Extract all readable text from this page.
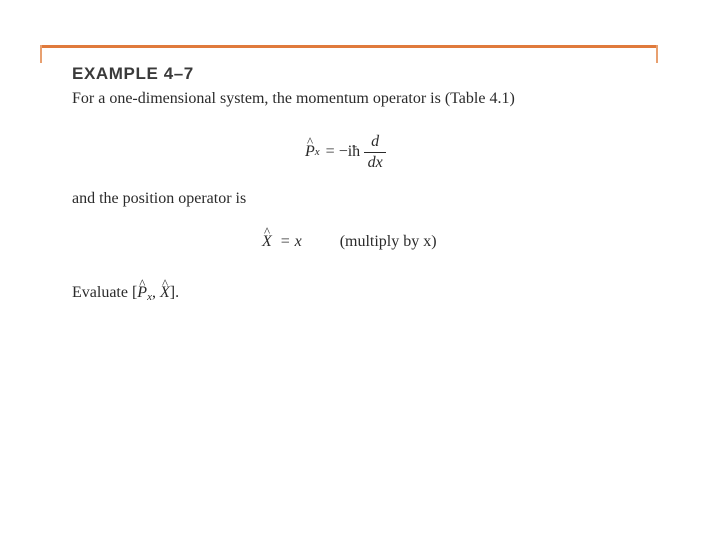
EXAMPLE 4–7
For a one-dimensional system, the momentum operator is (Table 4.1)
^ P x = −iħ $\frac{d}{dx}$
and the position operator is
^ X = x (multiply by x)
Evaluate [^ $P_x$, ^ X].
